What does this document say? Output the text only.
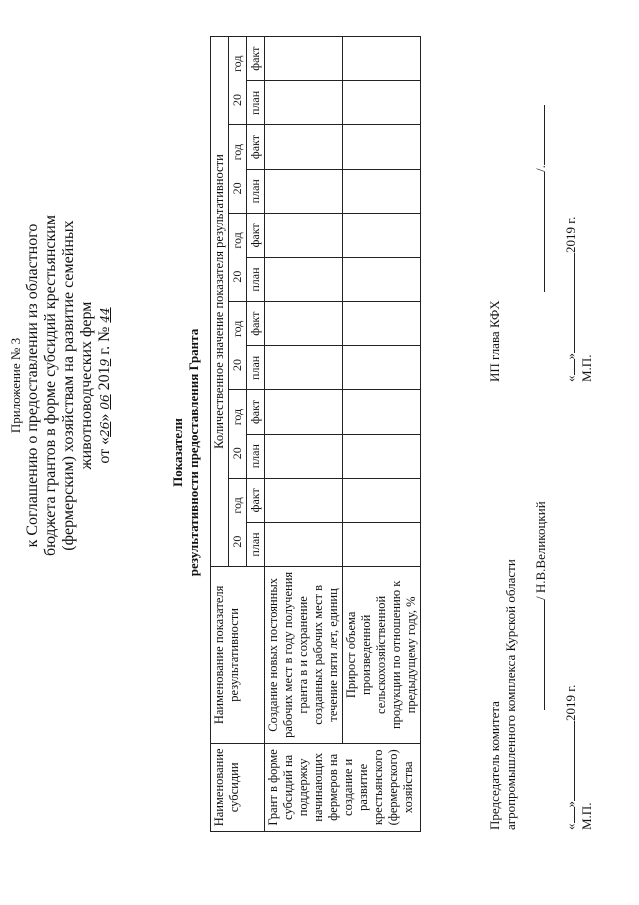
Приложение № 3 к Соглашению о предоставлении из областного бюджета грантов в форме субсидий крестьянским (фермерским) хозяйствам на развитие семейных животноводческих ферм от «26» 06 2019 г. № 44
Показатели результативности предоставления Гранта
Наименование субсидии	Наименование показателя результативности	Количественное значение показателя результативности											
		20год		20год		20год		20год		20год		20год	
		план	факт	план	факт	план	факт	план	факт	план	факт	план	факт
Грант в форме субсидий на поддержку начинающих фермеров на создание и развитие крестьянского (фермерского) хозяйства	Создание новых постоянных рабочих мест в году получения гранта в и сохранение созданных рабочих мест в течение пяти лет, единиц												
	Прирост объема произведенной сельскохозяйственной продукции по отношению к предыдущему году, %												
Председатель комитета агропромышленного комплекса Курской области
/ Н.В.Великоцкий
«»2019 г.
М.П.
ИП глава КФХ
/.
«»2019 г.
М.П.
